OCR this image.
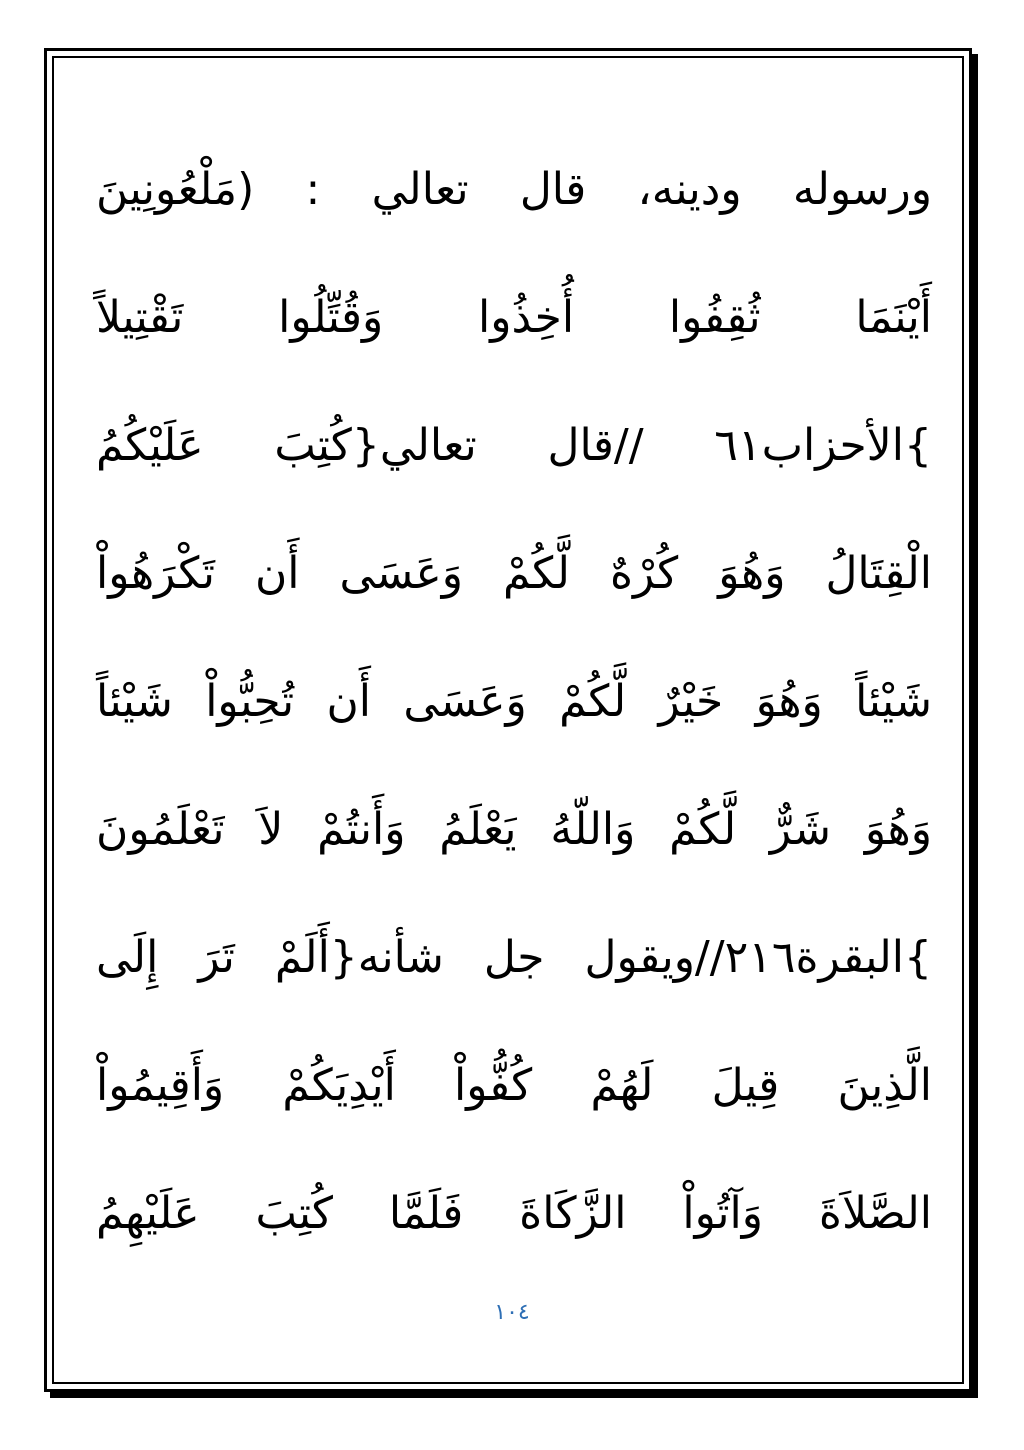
ورسوله ودينه، قال تعالي : (مَلْعُونِينَ
أَيْنَمَا ثُقِفُوا أُخِذُوا وَقُتِّلُوا تَقْتِيلاً
}الأحزاب٦١ //قال تعالي{كُتِبَ عَلَيْكُمُ
الْقِتَالُ وَهُوَ كُرْهٌ لَّكُمْ وَعَسَى أَن تَكْرَهُواْ
شَيْئاً وَهُوَ خَيْرٌ لَّكُمْ وَعَسَى أَن تُحِبُّواْ شَيْئاً
وَهُوَ شَرٌّ لَّكُمْ وَاللّهُ يَعْلَمُ وَأَنتُمْ لاَ تَعْلَمُونَ
}البقرة٢١٦//ويقول جل شأنه{أَلَمْ تَرَ إِلَى
الَّذِينَ قِيلَ لَهُمْ كُفُّواْ أَيْدِيَكُمْ وَأَقِيمُواْ
الصَّلاَةَ وَآتُواْ الزَّكَاةَ فَلَمَّا كُتِبَ عَلَيْهِمُ
١٠٤
